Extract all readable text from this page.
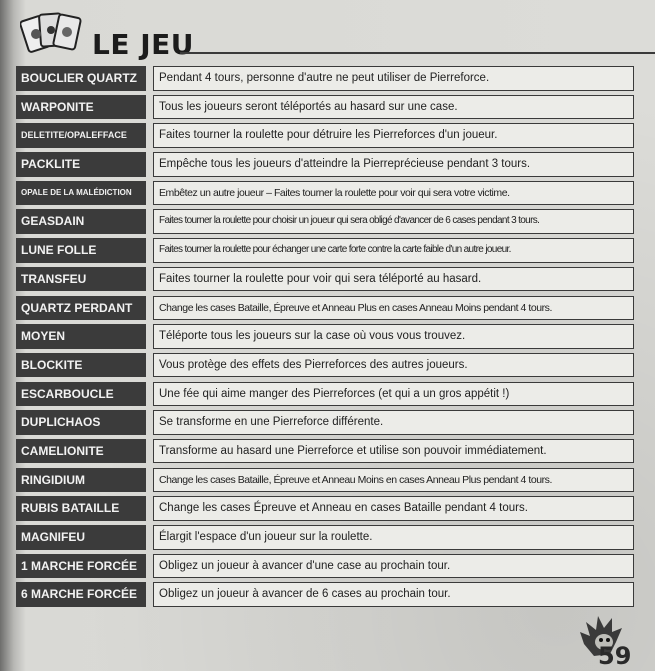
LE JEU
BOUCLIER QUARTZ	Pendant 4 tours, personne d'autre ne peut utiliser de Pierreforce.
WARPONITE	Tous les joueurs seront téléportés au hasard sur une case.
DELETITE/OPALEFFACE	Faites tourner la roulette pour détruire les Pierreforces d'un joueur.
PACKLITE	Empêche tous les joueurs d'atteindre la Pierreprécieuse pendant 3 tours.
OPALE DE LA MALÉDICTION	Embêtez un autre joueur – Faites tourner la roulette pour voir qui sera votre victime.
GEASDAIN	Faites tourner la roulette pour choisir un joueur qui sera obligé d'avancer de 6 cases pendant 3 tours.
LUNE FOLLE	Faites tourner la roulette pour échanger une carte forte contre la carte faible d'un autre joueur.
TRANSFEU	Faites tourner la roulette pour voir qui sera téléporté au hasard.
QUARTZ PERDANT	Change les cases Bataille, Épreuve et Anneau Plus en cases Anneau Moins pendant 4 tours.
MOYEN	Téléporte tous les joueurs sur la case où vous vous trouvez.
BLOCKITE	Vous protège des effets des Pierreforces des autres joueurs.
ESCARBOUCLE	Une fée qui aime manger des Pierreforces (et qui a un gros appétit !)
DUPLICHAOS	Se transforme en une Pierreforce différente.
CAMELIONITE	Transforme au hasard une Pierreforce et utilise son pouvoir immédiatement.
RINGIDIUM	Change les cases Bataille, Épreuve et Anneau Moins en cases Anneau Plus pendant 4 tours.
RUBIS BATAILLE	Change les cases Épreuve et Anneau en cases Bataille pendant 4 tours.
MAGNIFEU	Élargit l'espace d'un joueur sur la roulette.
1 MARCHE FORCÉE	Obligez un joueur à avancer d'une case au prochain tour.
6 MARCHE FORCÉE	Obligez un joueur à avancer de 6 cases au prochain tour.
59
